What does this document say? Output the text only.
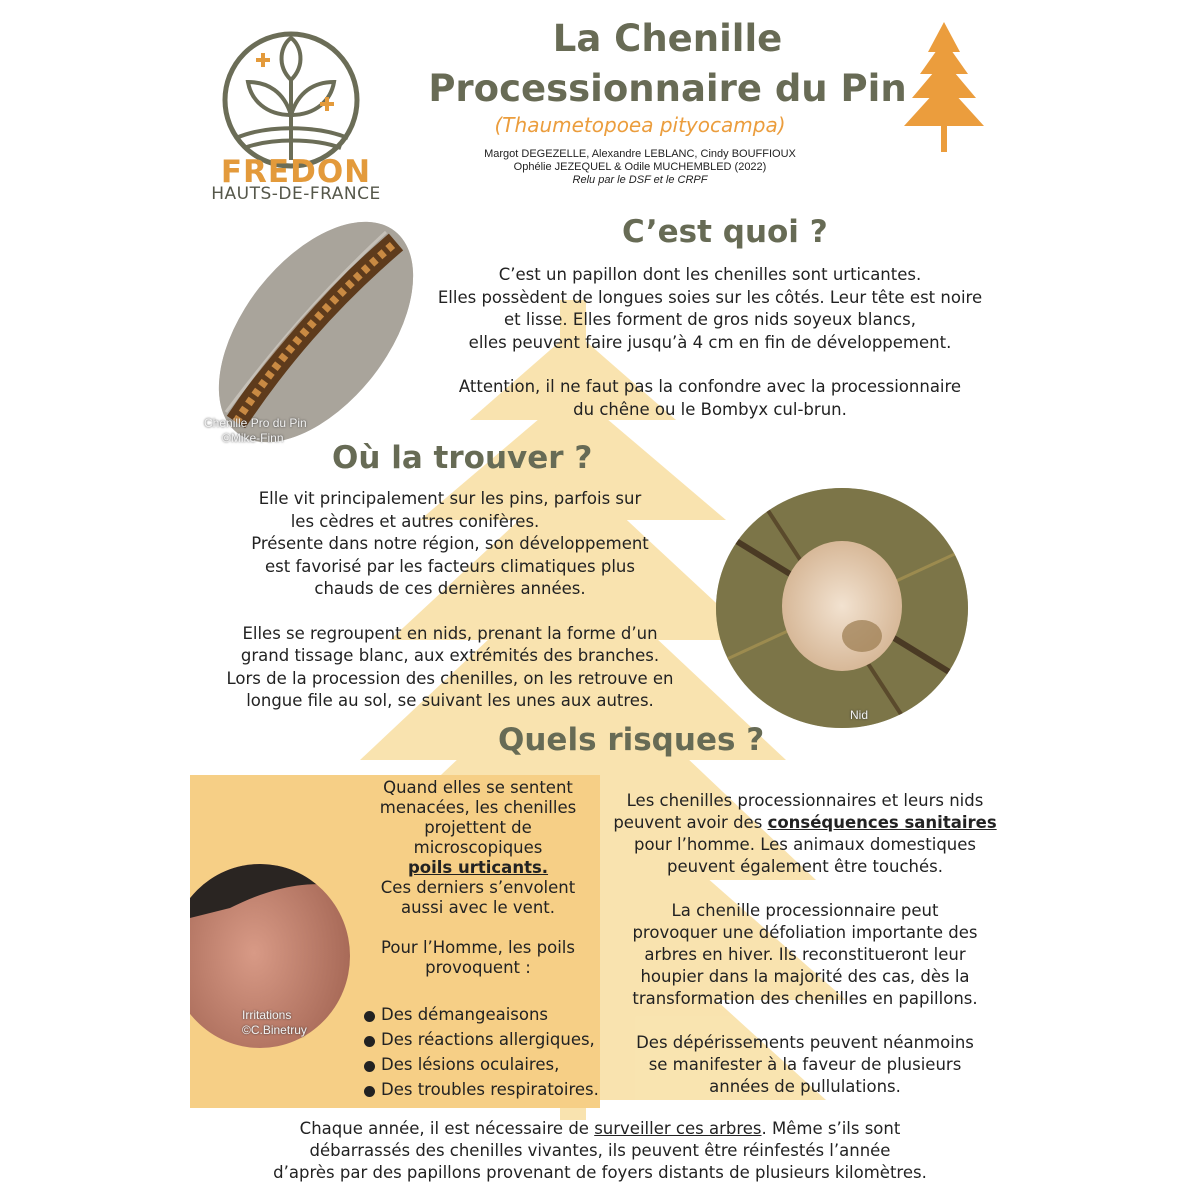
FREDON
HAUTS-DE-FRANCE
La Chenille
Processionnaire du Pin
(Thaumetopoea pityocampa)
Margot DEGEZELLE, Alexandre LEBLANC, Cindy BOUFFIOUX
Ophélie JEZEQUEL & Odile MUCHEMBLED (2022)
Relu par le DSF et le CRPF
C’est quoi ?
Chenille Pro du Pin
©Mike-Finn

C’est un papillon dont les chenilles sont urticantes.

Elles possèdent de longues soies sur les côtés. Leur tête est noire

et lisse. Elles forment de gros nids soyeux blancs,

elles peuvent faire jusqu’à 4 cm en fin de développement.

Attention, il ne faut pas la confondre avec la processionnaire

du chêne ou le Bombyx cul-brun.

Où la trouver ?

Elle vit principalement sur les pins, parfois sur

les cèdres et autres conifères.

Présente dans notre région, son développement

est favorisé par les facteurs climatiques plus

chauds de ces dernières années.

Elles se regroupent en nids, prenant la forme d’un

grand tissage blanc, aux extrémités des branches.

Lors de la procession des chenilles, on les retrouve en

longue file au sol, se suivant les unes aux autres.

Nid
Quels risques ?
Irritations
©C.Binetruy

Quand elles se sentent

menacées, les chenilles

projettent de

microscopiques

poils urticants.

Ces derniers s’envolent

aussi avec le vent.

Pour l’Homme, les poils

provoquent :

Des démangeaisons
Des réactions allergiques,
Des lésions oculaires,
Des troubles respiratoires.

Les chenilles processionnaires et leurs nids

peuvent avoir des conséquences sanitaires

pour l’homme. Les animaux domestiques

peuvent également être touchés.

La chenille processionnaire peut

provoquer une défoliation importante des

arbres en hiver. Ils reconstitueront leur

houpier dans la majorité des cas, dès la

transformation des chenilles en papillons.

Des dépérissements peuvent néanmoins

se manifester à la faveur de plusieurs

années de pullulations.

Chaque année, il est nécessaire de surveiller ces arbres. Même s’ils sont

débarrassés des chenilles vivantes, ils peuvent être réinfestés l’année

d’après par des papillons provenant de foyers distants de plusieurs kilomètres.
